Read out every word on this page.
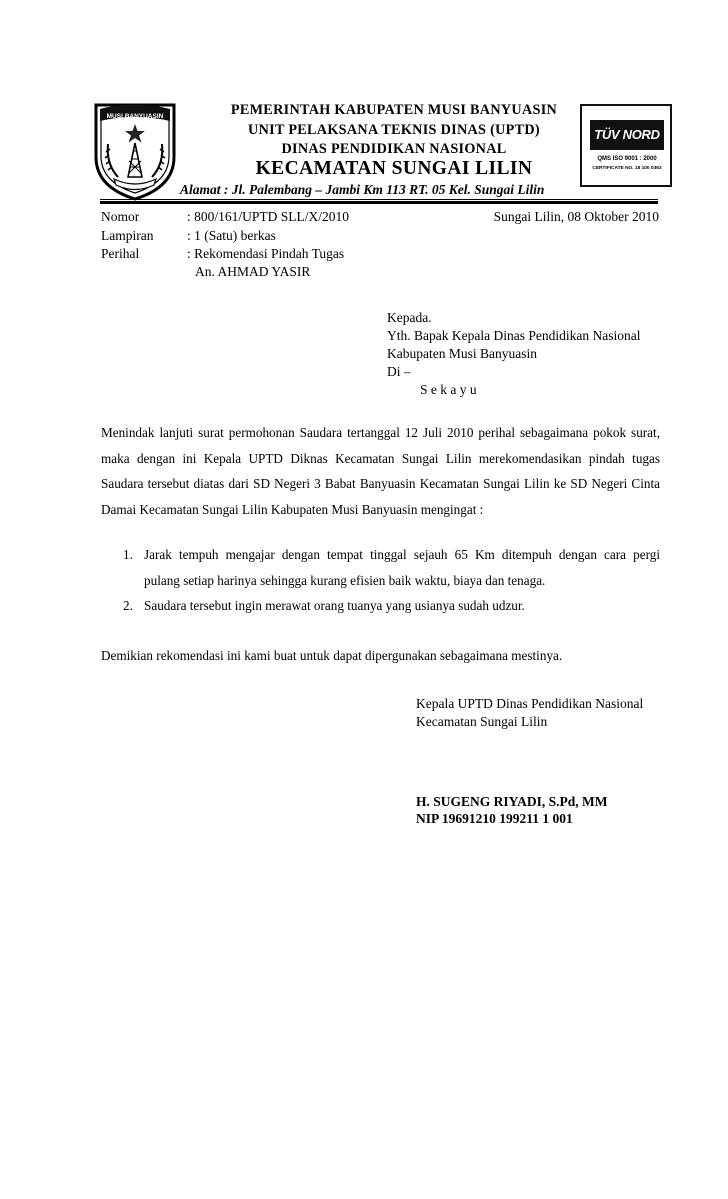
MUSI BANYUASIN
TÜV NORD
QMS ISO 9001 : 2000
CERTIFICATE NO. 18 100 0363
PEMERINTAH KABUPATEN MUSI BANYUASIN
UNIT PELAKSANA TEKNIS DINAS (UPTD)
DINAS PENDIDIKAN NASIONAL
KECAMATAN SUNGAI LILIN
Alamat : Jl. Palembang – Jambi Km 113 RT. 05 Kel. Sungai Lilin
Nomor	: 800/161/UPTD SLL/X/2010	Sungai Lilin, 08 Oktober 2010
Lampiran : 1 (Satu) berkas
Perihal	: Rekomendasi Pindah Tugas
An. AHMAD YASIR
Kepada.
Yth. Bapak Kepala Dinas Pendidikan Nasional
Kabupaten Musi Banyuasin
Di –
S e k a y u
Menindak lanjuti surat permohonan Saudara tertanggal 12 Juli 2010 perihal sebagaimana pokok surat, maka dengan ini Kepala UPTD Diknas Kecamatan Sungai Lilin merekomendasikan pindah tugas Saudara tersebut diatas dari SD Negeri 3 Babat Banyuasin Kecamatan Sungai Lilin ke SD Negeri Cinta Damai Kecamatan Sungai Lilin Kabupaten Musi Banyuasin mengingat :
1. Jarak tempuh mengajar dengan tempat tinggal sejauh 65 Km ditempuh dengan cara pergi
pulang setiap harinya sehingga kurang efisien baik waktu, biaya dan tenaga.
2. Saudara tersebut ingin merawat orang tuanya yang usianya sudah udzur.
Demikian rekomendasi ini kami buat untuk dapat dipergunakan sebagaimana mestinya.
Kepala UPTD Dinas Pendidikan Nasional
Kecamatan Sungai Lilin
H. SUGENG RIYADI, S.Pd, MM
NIP 19691210 199211 1 001
